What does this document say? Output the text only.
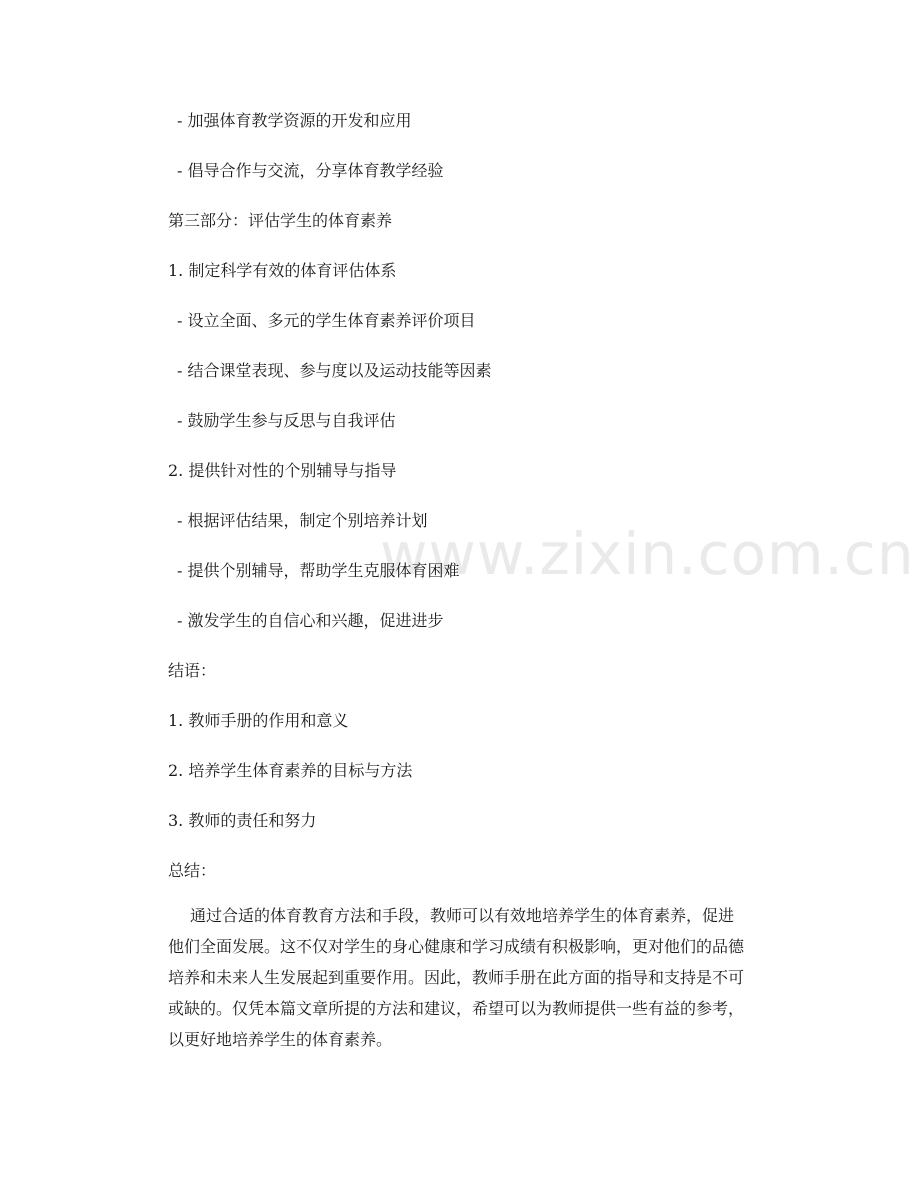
www.zixin.com.cn
- 加强体育教学资源的开发和应用
- 倡导合作与交流，分享体育教学经验
第三部分：评估学生的体育素养
1. 制定科学有效的体育评估体系
- 设立全面、多元的学生体育素养评价项目
- 结合课堂表现、参与度以及运动技能等因素
- 鼓励学生参与反思与自我评估
2. 提供针对性的个别辅导与指导
- 根据评估结果，制定个别培养计划
- 提供个别辅导，帮助学生克服体育困难
- 激发学生的自信心和兴趣，促进进步
结语：
1. 教师手册的作用和意义
2. 培养学生体育素养的目标与方法
3. 教师的责任和努力
总结：

通过合适的体育教育方法和手段，教师可以有效地培养学生的体育素养，促进

他们全面发展。这不仅对学生的身心健康和学习成绩有积极影响，更对他们的品德

培养和未来人生发展起到重要作用。因此，教师手册在此方面的指导和支持是不可

或缺的。仅凭本篇文章所提的方法和建议，希望可以为教师提供一些有益的参考，

以更好地培养学生的体育素养。
